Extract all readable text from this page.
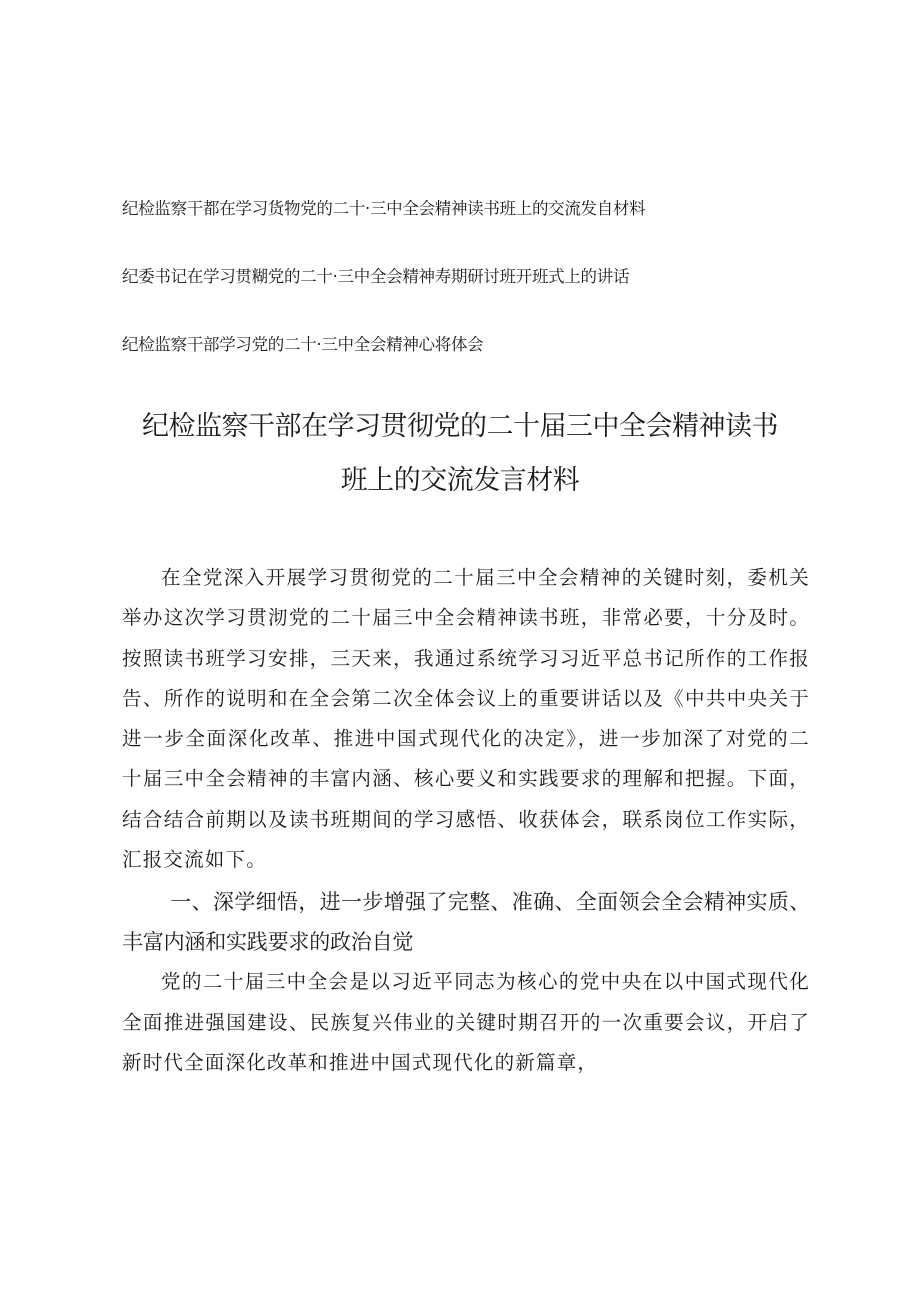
纪检监察干都在学习货物党的二十·三中全会精神读书班上的交流发自材料
纪委书记在学习贯糊党的二十·三中全会精神寿期研讨班开班式上的讲话
纪检监察干部学习党的二十·三中全会精神心将体会
纪检监察干部在学习贯彻党的二十届三中全会精神读书
班上的交流发言材料

在全党深入开展学习贯彻党的二十届三中全会精神的关键时刻，委机关举办这次学习贯沏党的二十届三中全会精神读书班，非常必要，十分及时。按照读书班学习安排，三天来，我通过系统学习习近平总书记所作的工作报告、所作的说明和在全会第二次全体会议上的重要讲话以及《中共中央关于进一步全面深化改革、推进中国式现代化的决定》，进一步加深了对党的二十届三中全会精神的丰富内涵、核心要义和实践要求的理解和把握。下面，结合结合前期以及读书班期间的学习感悟、收获体会，联系岗位工作实际，汇报交流如下。

一、深学细悟，进一步增强了完整、准确、全面领会全会精神实质、丰富内涵和实践要求的政治自觉

党的二十届三中全会是以习近平同志为核心的党中央在以中国式现代化全面推进强国建设、民族复兴伟业的关键时期召开的一次重要会议，开启了新时代全面深化改革和推进中国式现代化的新篇章，
